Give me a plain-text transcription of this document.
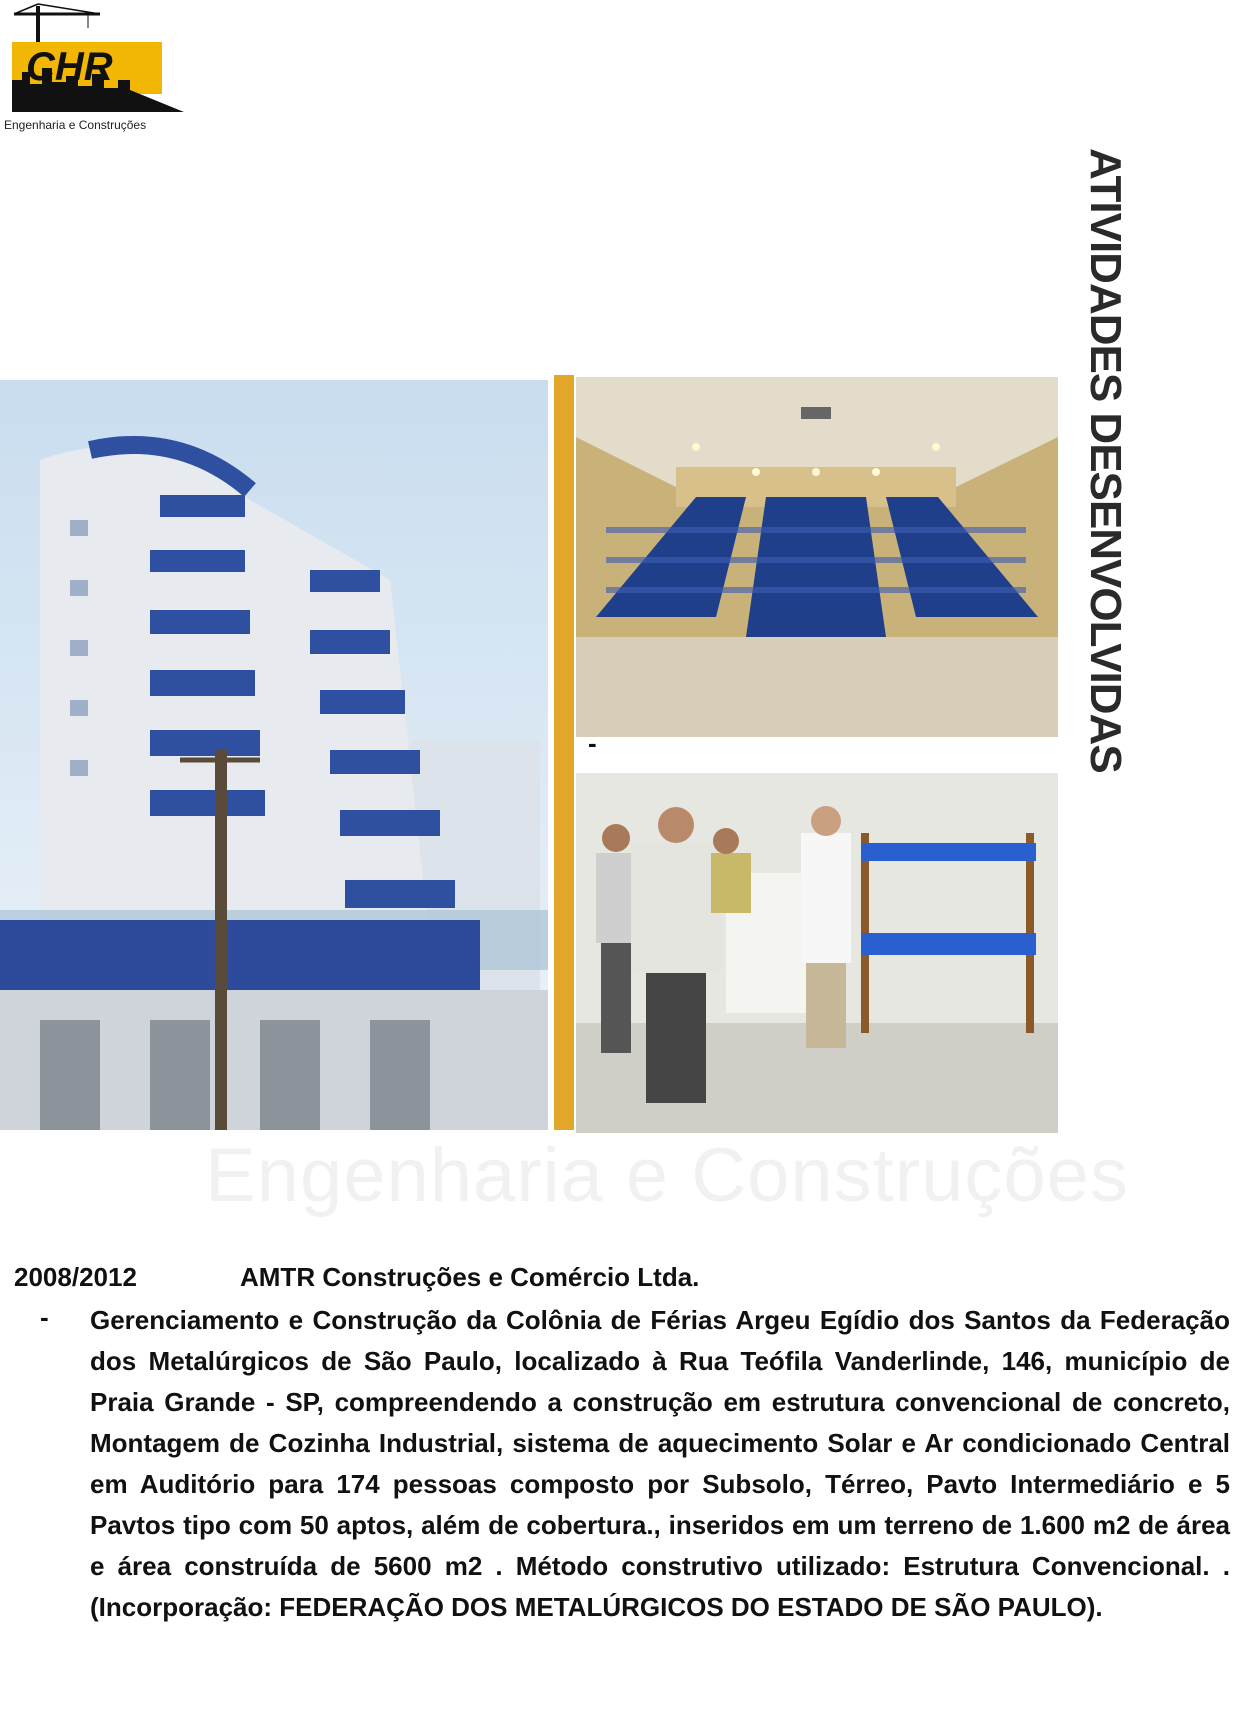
CHR
Engenharia e Construções
ATIVIDADES DESENVOLVIDAS
-
Engenharia e Construções
2008/2012	AMTR Construções e Comércio Ltda.
- Gerenciamento e Construção da Colônia de Férias Argeu Egídio dos Santos da Federação dos Metalúrgicos de São Paulo, localizado à Rua Teófila Vanderlinde, 146, município de Praia Grande - SP, compreendendo a construção em estrutura convencional de concreto, Montagem de Cozinha Industrial, sistema de aquecimento Solar e Ar condicionado Central em Auditório para 174 pessoas composto por Subsolo, Térreo, Pavto Intermediário e 5 Pavtos tipo com 50 aptos, além de cobertura., inseridos em um terreno de 1.600 m2 de área e área construída de 5600 m2 . Método construtivo utilizado: Estrutura Convencional. .(Incorporação: FEDERAÇÃO DOS METALÚRGICOS DO ESTADO DE SÃO PAULO).
